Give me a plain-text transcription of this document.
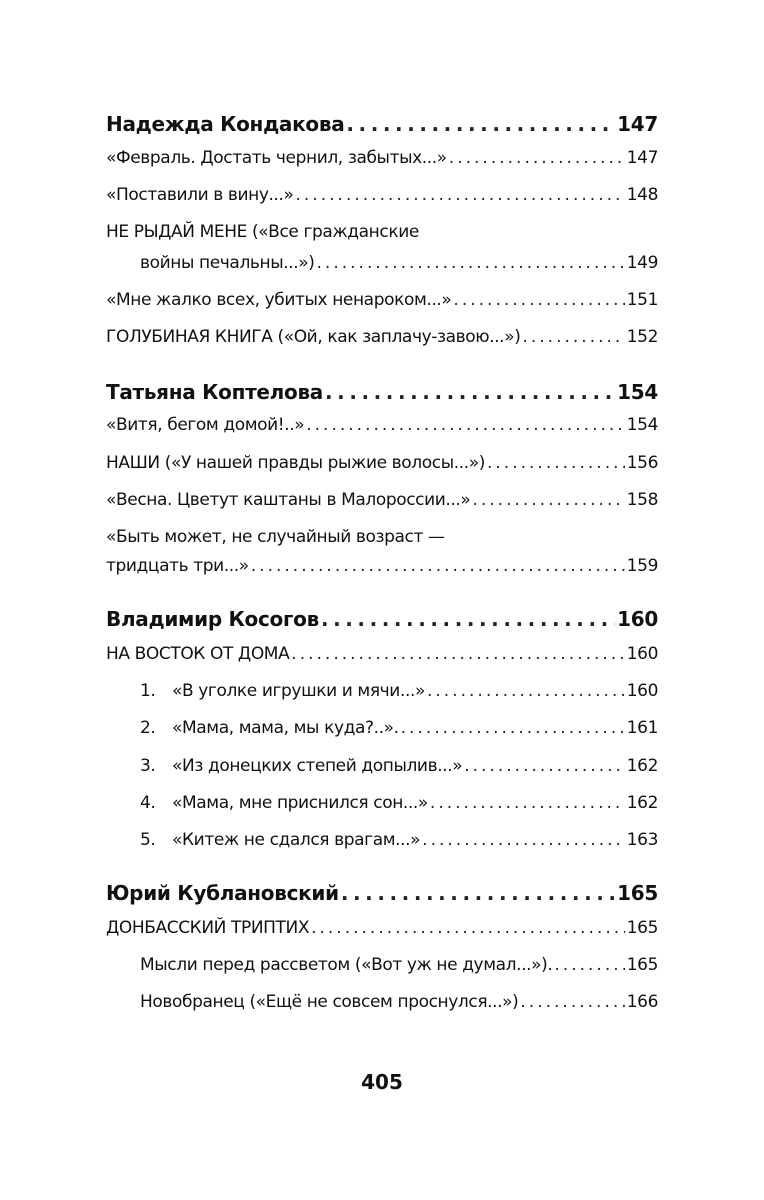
Надежда Кондакова . . .	147
«Февраль. Достать чернил, забытых...» . . .	147
«Поставили в вину...» . . .	148
НЕ РЫДАЙ МЕНЕ («Все гражданские
войны печальны...») . . .	149
«Мне жалко всех, убитых ненароком...» . . .	151
ГОЛУБИНАЯ КНИГА («Ой, как заплачу-завою...») . . .	152
Татьяна Коптелова . . .	154
«Витя, бегом домой!..» . . .	154
НАШИ («У нашей правды рыжие волосы...») . . .	156
«Весна. Цветут каштаны в Малороссии...» . . .	158
«Быть может, не случайный возраст —
тридцать три...» . . .	159
Владимир Косогов . . .	160
НА ВОСТОК ОТ ДОМА . . .	160
1. «В уголке игрушки и мячи...» . . .	160
2. «Мама, мама, мы куда?..». . . .	161
3. «Из донецких степей допылив...» . . .	162
4. «Мама, мне приснился сон...» . . .	162
5. «Китеж не сдался врагам...» . . .	163
Юрий Кублановский . . .	165
ДОНБАССКИЙ ТРИПТИХ . . .	165
Мысли перед рассветом («Вот уж не думал...»). . . .	165
Новобранец («Ещё не совсем проснулся...») . . .	166
405
